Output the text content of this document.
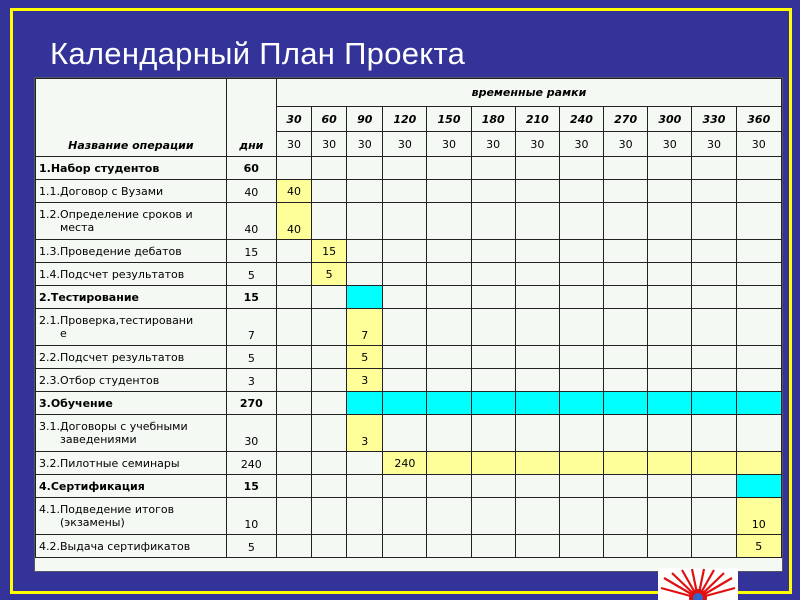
Календарный План Проекта
Название операции	дни	временные рамки											
		30	60	90	120	150	180	210	240	270	300	330	360
		30	30	30	30	30	30	30	30	30	30	30	30
1.Набор студентов	60												
1.1.Договор с Вузами	40	40											
1.2.Определение сроков и
места	40	40											
1.3.Проведение дебатов	15		15										
1.4.Подсчет результатов	5		5										
2.Тестирование	15												
2.1.Проверка,тестировани
е	7			7									
2.2.Подсчет результатов	5			5									
2.3.Отбор студентов	3			3									
3.Обучение	270												
3.1.Договоры с учебными
заведениями	30			3									
3.2.Пилотные семинары	240				240								
4.Сертификация	15												
4.1.Подведение итогов
(экзамены)	10												10
4.2.Выдача сертификатов	5												5
